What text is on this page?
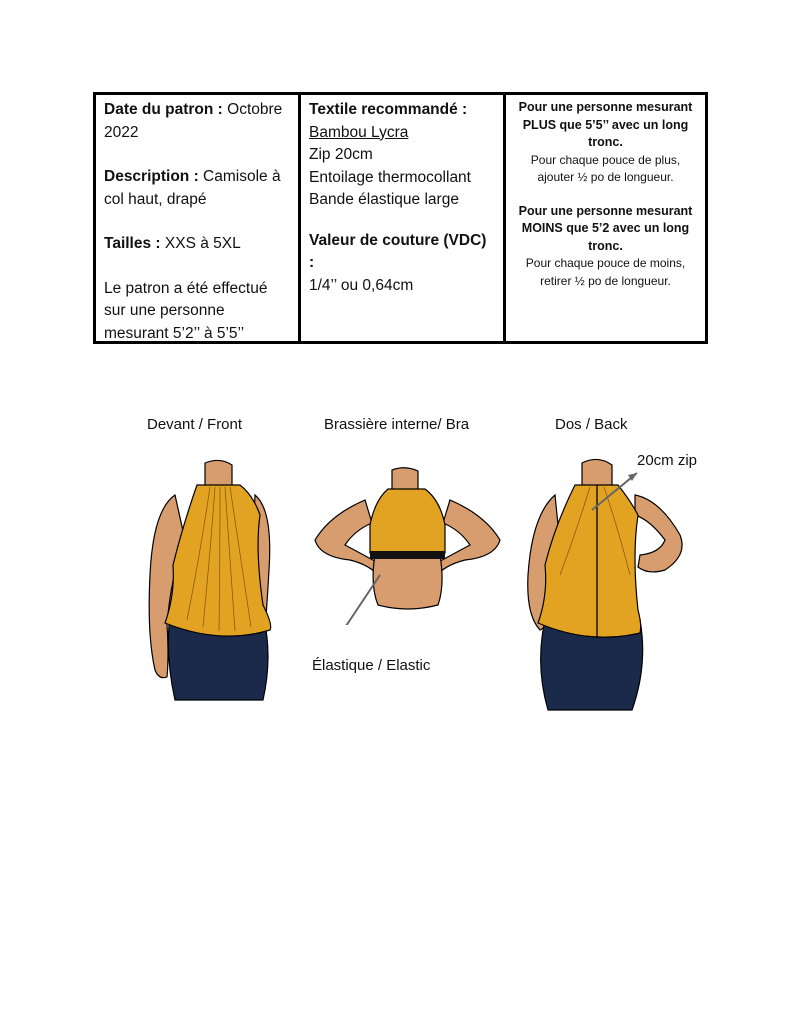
Date du patron : Octobre 2022
Description : Camisole à col haut, drapé
Tailles : XXS à 5XL
Le patron a été effectué sur une personne mesurant 5’2’’ à 5’5’’
Textile recommandé :
Bambou Lycra
Zip 20cm
Entoilage thermocollant
Bande élastique large
Valeur de couture (VDC) :
1/4’’ ou 0,64cm
Pour une personne mesurant PLUS que 5’5’’ avec un long tronc.
Pour chaque pouce de plus, ajouter ½ po de longueur.
Pour une personne mesurant MOINS que 5’2 avec un long tronc.
Pour chaque pouce de moins, retirer ½ po de longueur.
Devant / Front	Brassière interne/ Bra	Dos / Back
20cm zip
Élastique / Elastic
